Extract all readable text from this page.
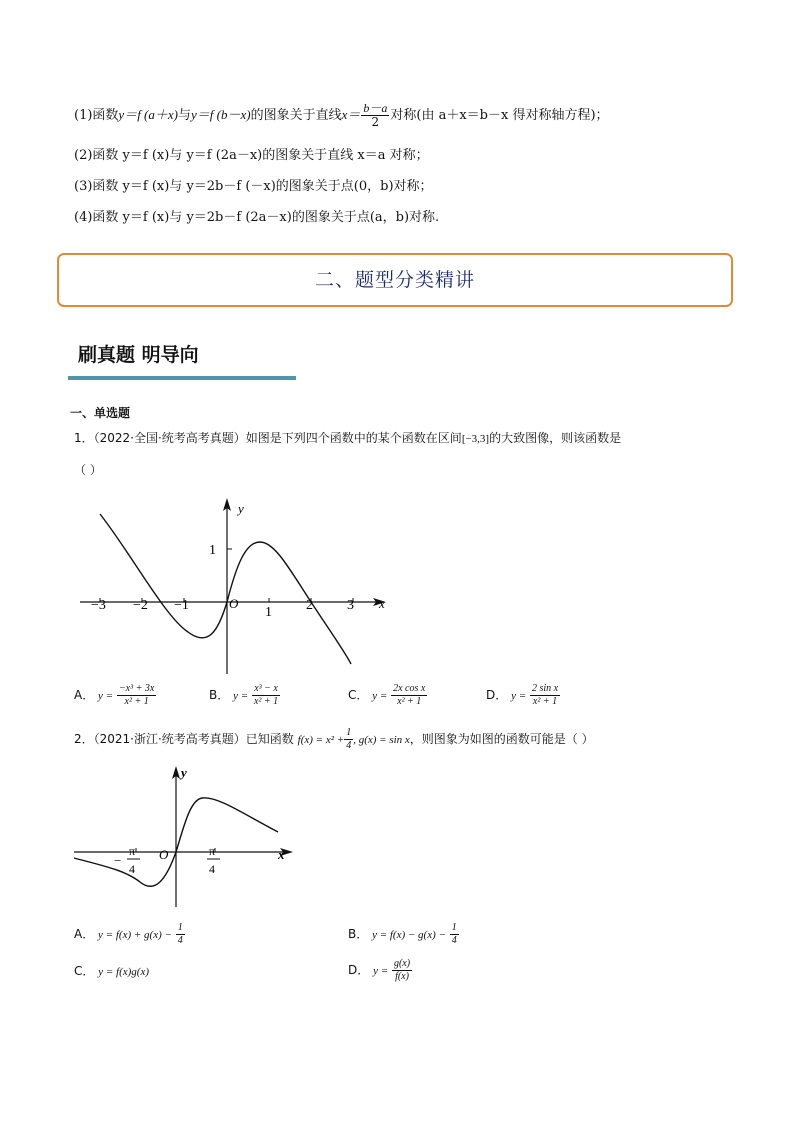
(1)函数y＝f (a＋x)与y＝f (b－x)的图象关于直线$x= \frac{b-a}{2}$ 对称(由 a＋x＝b－x 得对称轴方程)；
(2)函数 y＝f (x)与 y＝f (2a－x)的图象关于直线 x＝a 对称；
(3)函数 y＝f (x)与 y＝2b－f (－x)的图象关于点(0，b)对称；
(4)函数 y＝f (x)与 y＝2b－f (2a－x)的图象关于点(a，b)对称.
二、题型分类精讲
刷真题 明导向
一、单选题
1．（2022·全国·统考高考真题）如图是下列四个函数中的某个函数在区间[−3,3]的大致图像，则该函数是
（ ）
y
x
O
1
−3 −2 −1	1 2 3
A． $y = \frac{\text{−x³ + 3x}}{\text{x² + 1}}$	B． $y = \frac{\text{x³ − x}}{\text{x² + 1}}$	C． $y = \frac{\text{2x cos x}}{\text{x² + 1}}$	D． $y = \frac{\text{2 sin x}}{\text{x² + 1}}$
2．（2021·浙江·统考高考真题）已知函数 $f(x) = x^2 + \frac{1}{4}$ , g(x) = sin x，则图象为如图的函数可能是（ ）
y
x
O
−
π
4
π
4
A． $y = f(x) + g(x) - \frac{1}{4}$	B． $y = f(x) - g(x) - \frac{1}{4}$
C． y = f(x)g(x)	D． $y = \frac{g(x)}{f(x)}$
